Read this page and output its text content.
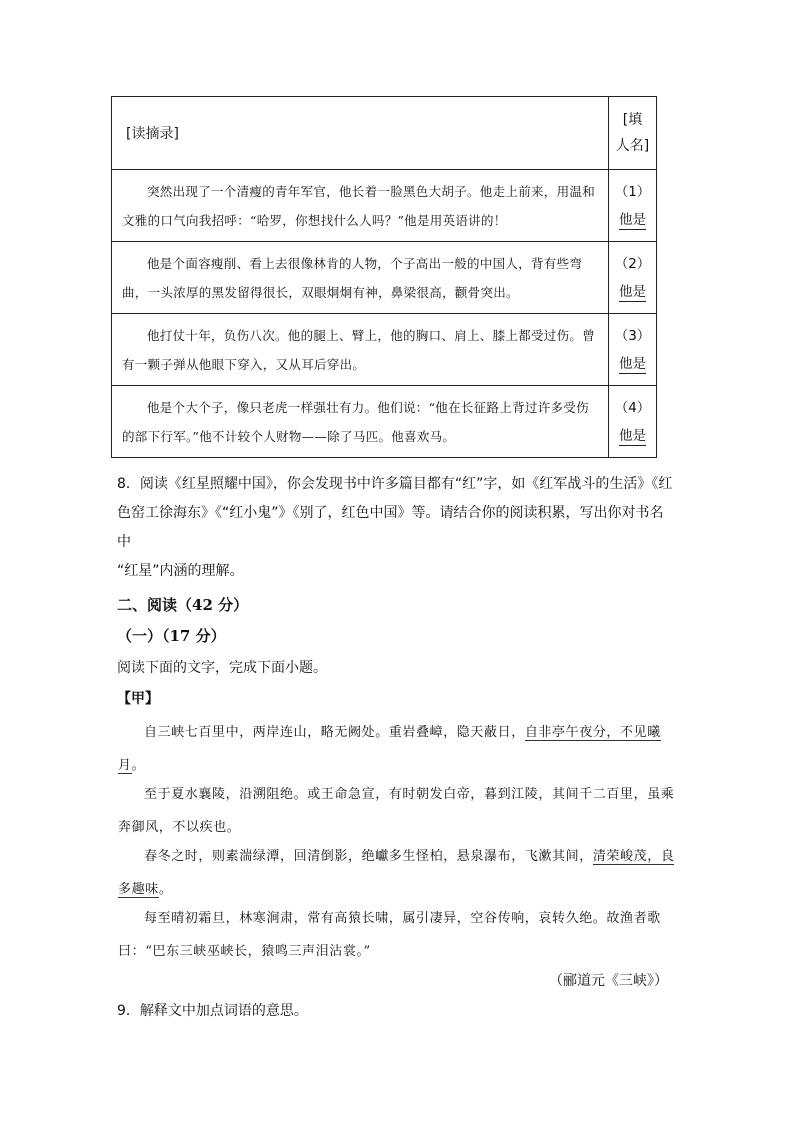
[读摘录]	[填
人名]

突然出现了一个清瘦的青年军官，他长着一脸黑色大胡子。他走上前来，用温和文雅的口气向我招呼：“哈罗，你想找什么人吗？”他是用英语讲的！	（1）
他是

他是个面容瘦削、看上去很像林肯的人物，个子高出一般的中国人，背有些弯曲，一头浓厚的黑发留得很长，双眼炯炯有神，鼻梁很高，颧骨突出。	（2）
他是

他打仗十年，负伤八次。他的腿上、臂上，他的胸口、肩上、膝上都受过伤。曾有一颗子弹从他眼下穿入，又从耳后穿出。	（3）
他是

他是个大个子，像只老虎一样强壮有力。他们说：“他在长征路上背过许多受伤的部下行军。”他不计较个人财物——除了马匹。他喜欢马。	（4）
他是
8．阅读《红星照耀中国》，你会发现书中许多篇目都有“红”字，如《红军战斗的生活》《红
色窑工徐海东》《“红小鬼”》《别了，红色中国》等。请结合你的阅读积累，写出你对书名中
“红星”内涵的理解。
二、阅读（42 分）
（一）（17 分）
阅读下面的文字，完成下面小题。
【甲】
自三峡七百里中，两岸连山，略无阙处。重岩叠嶂，隐天蔽日，自非亭午夜分，不见曦月。
至于夏水襄陵，沿溯阻绝。或王命急宣，有时朝发白帝，暮到江陵，其间千二百里，虽乘奔御风，不以疾也。
春冬之时，则素湍绿潭，回清倒影，绝巘多生怪柏，悬泉瀑布，飞漱其间，清荣峻茂，良多趣味。
每至晴初霜旦，林寒涧肃，常有高猿长啸，属引凄异，空谷传响，哀转久绝。故渔者歌曰：“巴东三峡巫峡长，猿鸣三声泪沾裳。”
（郦道元《三峡》）
9．解释文中加点词语的意思。
